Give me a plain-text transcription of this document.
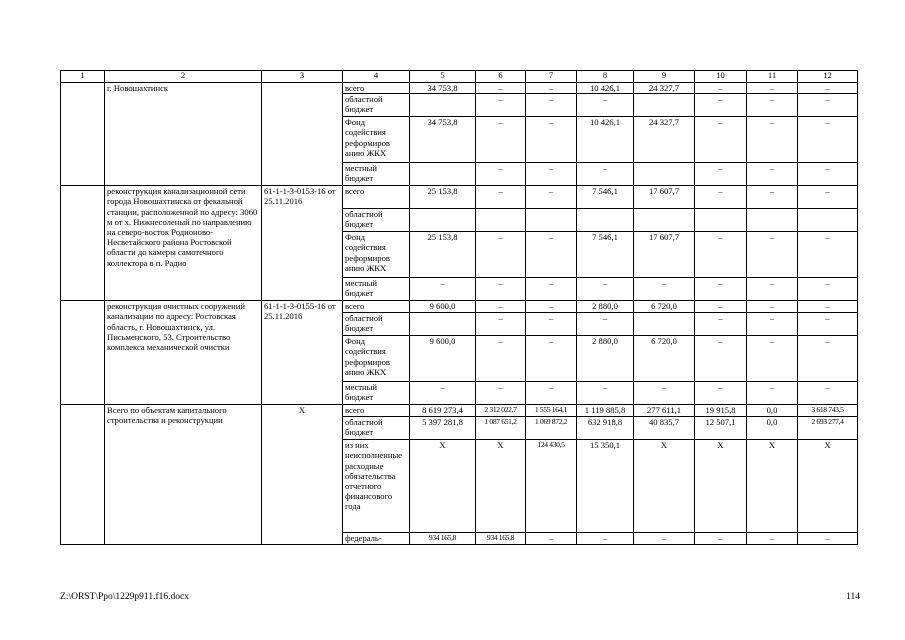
1	2	3	4	5	6	7	8	9	10	11	12
	г. Новошахтинск		всего	34 753,8	–	–	10 426,1	24 327,7	–	–	–
			областной бюджет		–	–	–		–	–	–
			Фонд содействия реформиров анию ЖКХ	34 753,8	–	–	10 426,1	24 327,7	–	–	–
			местный бюджет		–	–	–		–	–	–
	реконструкция канализационной сети города Новошахтинска от фекальной станции, расположенной по адресу: 3060 м от х. Нижнесоленый по направлению на северо-восток Родионово-Несветайского района Ростовской области до камеры самотечного коллектора в п. Радио	61-1-1-3-0153-16 от 25.11.2016	всего	25 153,8	–	–	7 546,1	17 607,7	–	–	–
			областной бюджет								
			Фонд содействия реформиров анию ЖКХ	25 153,8	–	–	7 546,1	17 607,7	–	–	–
			местный бюджет	–	–	–	–	–	–	–	–
	реконструкция очистных сооружений канализации по адресу: Ростовская область, г. Новошахтинск, ул. Письменского, 53. Строительство комплекса механической очистки	61-1-1-3-0155-16 от 25.11.2016	всего	9 600,0	–	–	2 880,0	6 720,0	–	–	–
			областной бюджет		–	–	–		–	–	–
			Фонд содействия реформиров анию ЖКХ	9 600,0	–	–	2 880,0	6 720,0	–	–	–
			местный бюджет	–	–	–	–	–	–	–	–
	Всего по объектам капитального строительства и реконструкции	X	всего	8 619 273,4	2 312 022,7	1 555 164,1	1 119 885,8	277 611,1	19 915,8	0,0	3 618 743,5
			областной бюджет	5 397 281,8	1 087 651,2	1 069 872,2	632 918,8	40 835,7	12 507,1	0,0	2 693 277,4
			из них неисполненные расходные обязательства отчетного финансового года	X	X	124 430,5	15 350,1	X	X	X	X
			федераль-	934 165,8	934 165,8	–	–	–	–	–	–
Z:\ORST\Ppo\1229p911.f16.docx	114
